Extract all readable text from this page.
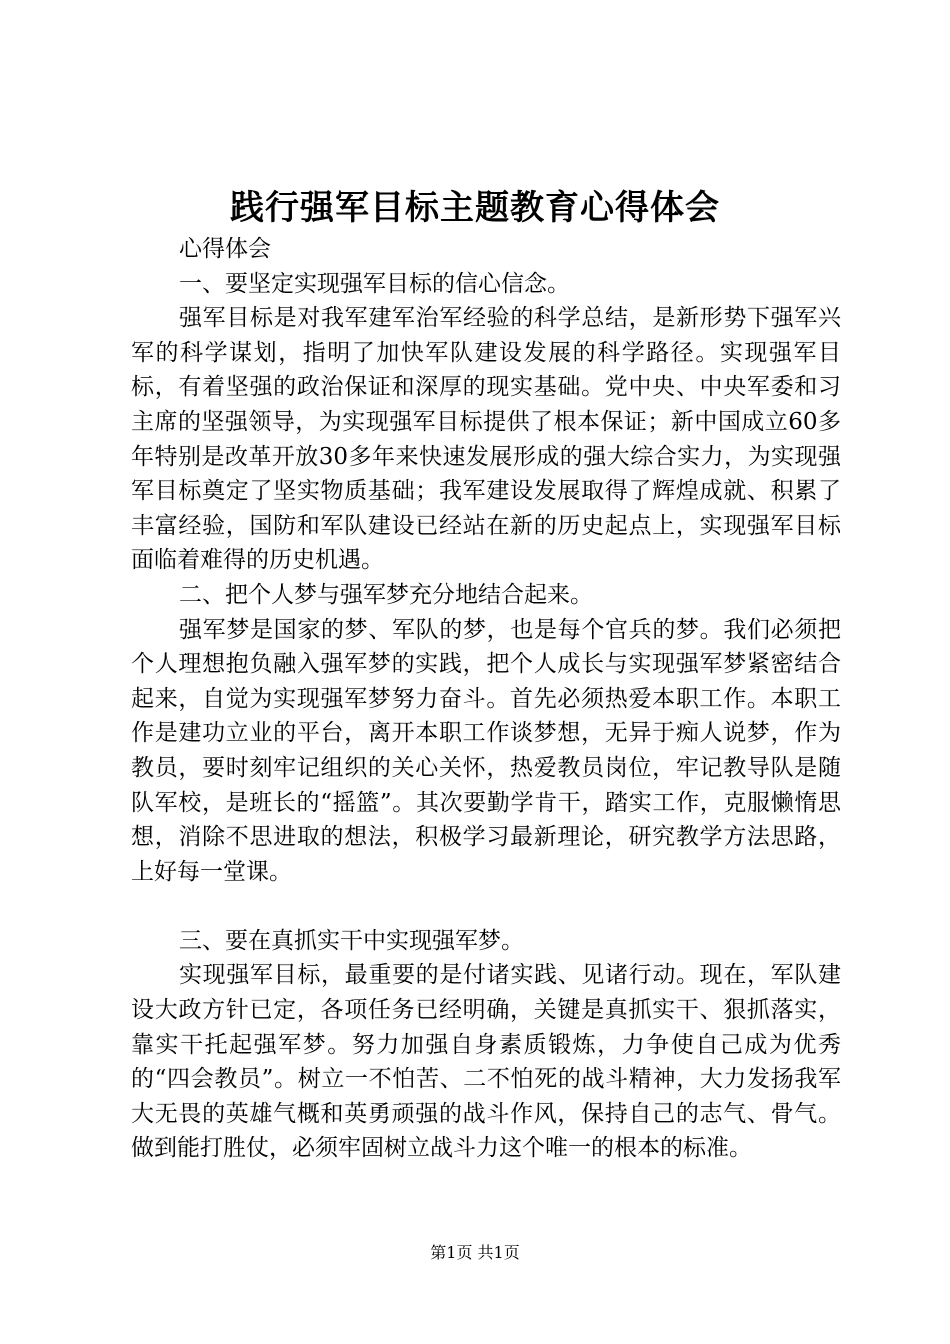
践行强军目标主题教育心得体会

心得体会

一、要坚定实现强军目标的信心信念。

强军目标是对我军建军治军经验的科学总结，是新形势下强军兴军的科学谋划，指明了加快军队建设发展的科学路径。实现强军目标，有着坚强的政治保证和深厚的现实基础。党中央、中央军委和习主席的坚强领导，为实现强军目标提供了根本保证；新中国成立60多年特别是改革开放30多年来快速发展形成的强大综合实力，为实现强军目标奠定了坚实物质基础；我军建设发展取得了辉煌成就、积累了丰富经验，国防和军队建设已经站在新的历史起点上，实现强军目标面临着难得的历史机遇。

二、把个人梦与强军梦充分地结合起来。

强军梦是国家的梦、军队的梦，也是每个官兵的梦。我们必须把个人理想抱负融入强军梦的实践，把个人成长与实现强军梦紧密结合起来，自觉为实现强军梦努力奋斗。首先必须热爱本职工作。本职工作是建功立业的平台，离开本职工作谈梦想，无异于痴人说梦，作为教员，要时刻牢记组织的关心关怀，热爱教员岗位，牢记教导队是随队军校，是班长的“摇篮”。其次要勤学肯干，踏实工作，克服懒惰思想，消除不思进取的想法，积极学习最新理论，研究教学方法思路，上好每一堂课。

三、要在真抓实干中实现强军梦。

实现强军目标，最重要的是付诸实践、见诸行动。现在，军队建设大政方针已定，各项任务已经明确，关键是真抓实干、狠抓落实，靠实干托起强军梦。努力加强自身素质锻炼，力争使自己成为优秀的“四会教员”。树立一不怕苦、二不怕死的战斗精神，大力发扬我军大无畏的英雄气概和英勇顽强的战斗作风，保持自己的志气、骨气。做到能打胜仗，必须牢固树立战斗力这个唯一的根本的标准。

第1页 共1页
